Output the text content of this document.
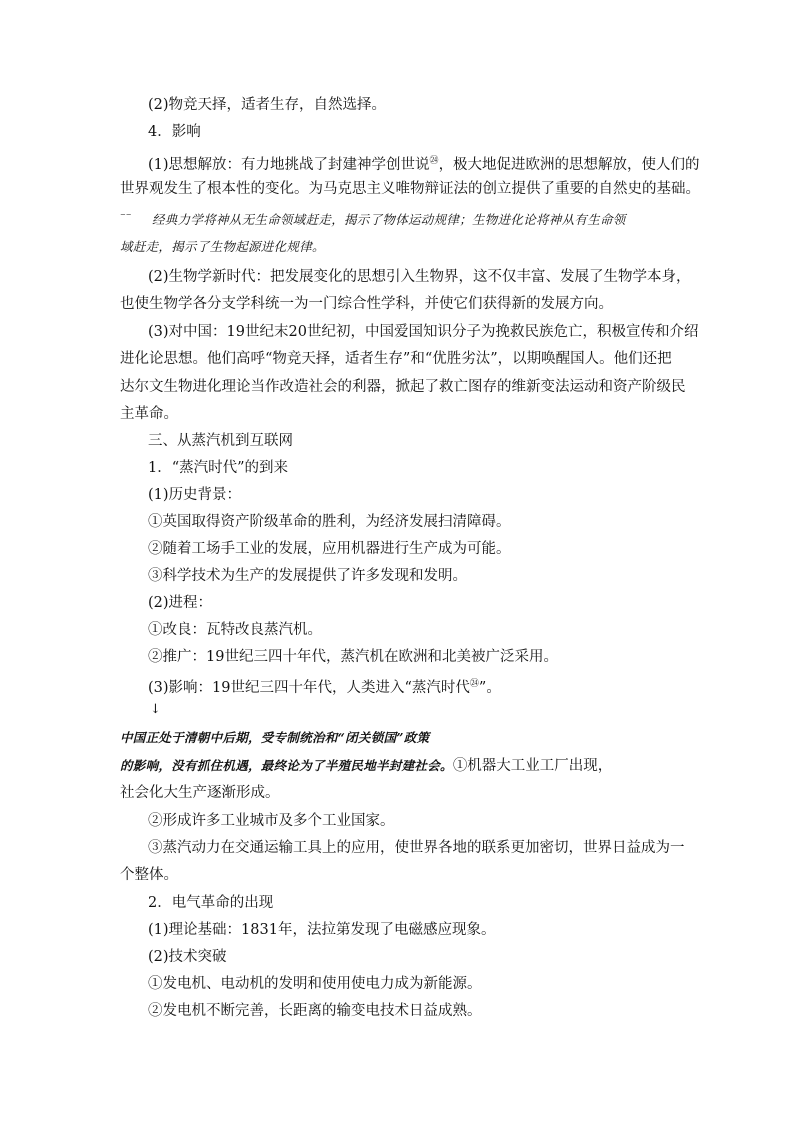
(2)物竞天择，适者生存，自然选择。
4．影响
(1)思想解放：有力地挑战了封建神学创世说$^㉔$，极大地促进欧洲的思想解放，使人们的
世界观发生了根本性的变化。为马克思主义唯物辩证法的创立提供了重要的自然史的基础。
⁻⁻ 经典力学将神从无生命领域赶走，揭示了物体运动规律；生物进化论将神从有生命领
域赶走，揭示了生物起源进化规律。
(2)生物学新时代：把发展变化的思想引入生物界，这不仅丰富、发展了生物学本身，
也使生物学各分支学科统一为一门综合性学科，并使它们获得新的发展方向。
(3)对中国：19世纪末20世纪初，中国爱国知识分子为挽救民族危亡，积极宣传和介绍
进化论思想。他们高呼“物竞天择，适者生存”和“优胜劣汰”，以期唤醒国人。他们还把
达尔文生物进化理论当作改造社会的利器，掀起了救亡图存的维新变法运动和资产阶级民
主革命。
三、从蒸汽机到互联网
1．“蒸汽时代”的到来
(1)历史背景：
①英国取得资产阶级革命的胜利，为经济发展扫清障碍。
②随着工场手工业的发展，应用机器进行生产成为可能。
③科学技术为生产的发展提供了许多发现和发明。
(2)进程：
①改良：瓦特改良蒸汽机。
②推广：19世纪三四十年代，蒸汽机在欧洲和北美被广泛采用。
(3)影响：19世纪三四十年代，人类进入“蒸汽时代$^㉔$”。
↓
中国正处于清朝中后期，受专制统治和“闭关锁国”政策
的影响，没有抓住机遇，最终论为了半殖民地半封建社会。①机器大工业工厂出现，
社会化大生产逐渐形成。
②形成许多工业城市及多个工业国家。
③蒸汽动力在交通运输工具上的应用，使世界各地的联系更加密切，世界日益成为一
个整体。
2．电气革命的出现
(1)理论基础：1831年，法拉第发现了电磁感应现象。
(2)技术突破
①发电机、电动机的发明和使用使电力成为新能源。
②发电机不断完善，长距离的输变电技术日益成熟。
